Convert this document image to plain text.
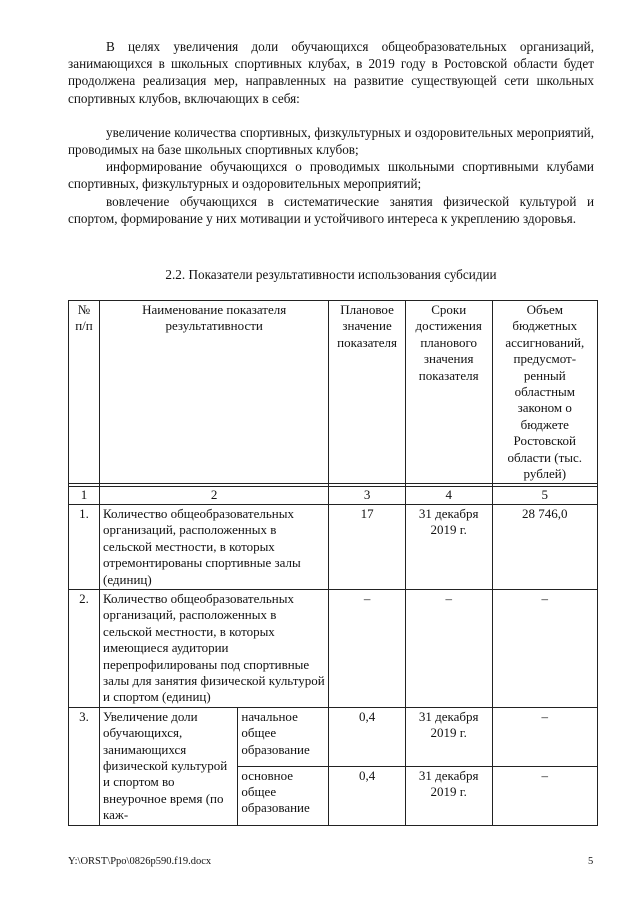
В целях увеличения доли обучающихся общеобразовательных организаций, занимающихся в школьных спортивных клубах, в 2019 году в Ростовской области будет продолжена реализация мер, направленных на развитие существующей сети школьных спортивных клубов, включающих в себя:

увеличение количества спортивных, физкультурных и оздоровительных мероприятий, проводимых на базе школьных спортивных клубов;

информирование обучающихся о проводимых школьными спортивными клубами спортивных, физкультурных и оздоровительных мероприятий;

вовлечение обучающихся в систематические занятия физической культурой и спортом, формирование у них мотивации и устойчивого интереса к укреплению здоровья.

2.2. Показатели результативности использования субсидии
№ п/п	Наименование показателя результативности		Плановое значение показателя	Сроки достижения планового значения показателя	Объем бюджетных ассигнований, предусмот-ренный областным законом о бюджете Ростовской области (тыс. рублей)

1	2		3	4	5
1.	Количество общеобразовательных организаций, расположенных в сельской местности, в которых отремонтированы спортивные залы (единиц)		17	31 декабря 2019 г.	28 746,0
2.	Количество общеобразовательных организаций, расположенных в сельской местности, в которых имеющиеся аудитории перепрофилированы под спортивные залы для занятия физической культурой и спортом (единиц)		–	–	–
3.	Увеличение доли обучающихся, занимающихся физической культурой и спортом во внеурочное время (по каж-	начальное общее образование	0,4	31 декабря 2019 г.	–
		основное общее образование	0,4	31 декабря 2019 г.	–
Y:\ORST\Ppo\0826p590.f19.docx	5
